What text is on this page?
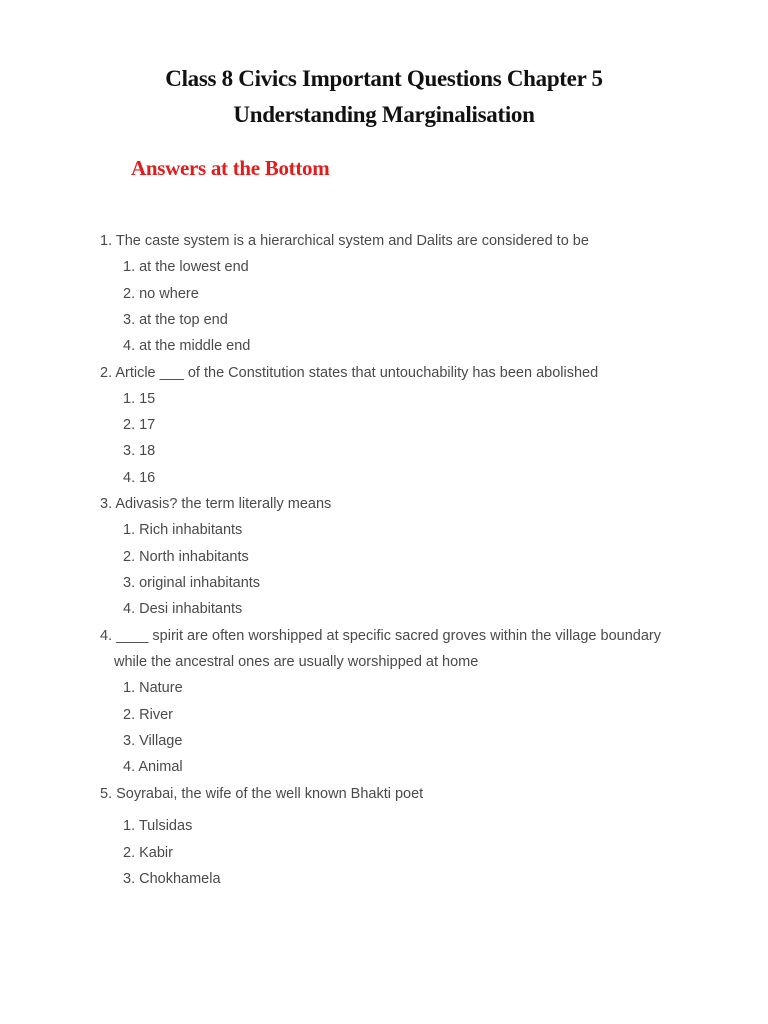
Class 8 Civics Important Questions Chapter 5
Understanding Marginalisation
Answers at the Bottom
1. The caste system is a hierarchical system and Dalits are considered to be
1. at the lowest end
2. no where
3. at the top end
4. at the middle end
2. Article ___ of the Constitution states that untouchability has been abolished
1. 15
2. 17
3. 18
4. 16
3. Adivasis? the term literally means
1. Rich inhabitants
2. North inhabitants
3. original inhabitants
4. Desi inhabitants
4. ____ spirit are often worshipped at specific sacred groves within the village boundary
while the ancestral ones are usually worshipped at home
1. Nature
2. River
3. Village
4. Animal
5. Soyrabai, the wife of the well known Bhakti poet
1. Tulsidas
2. Kabir
3. Chokhamela
